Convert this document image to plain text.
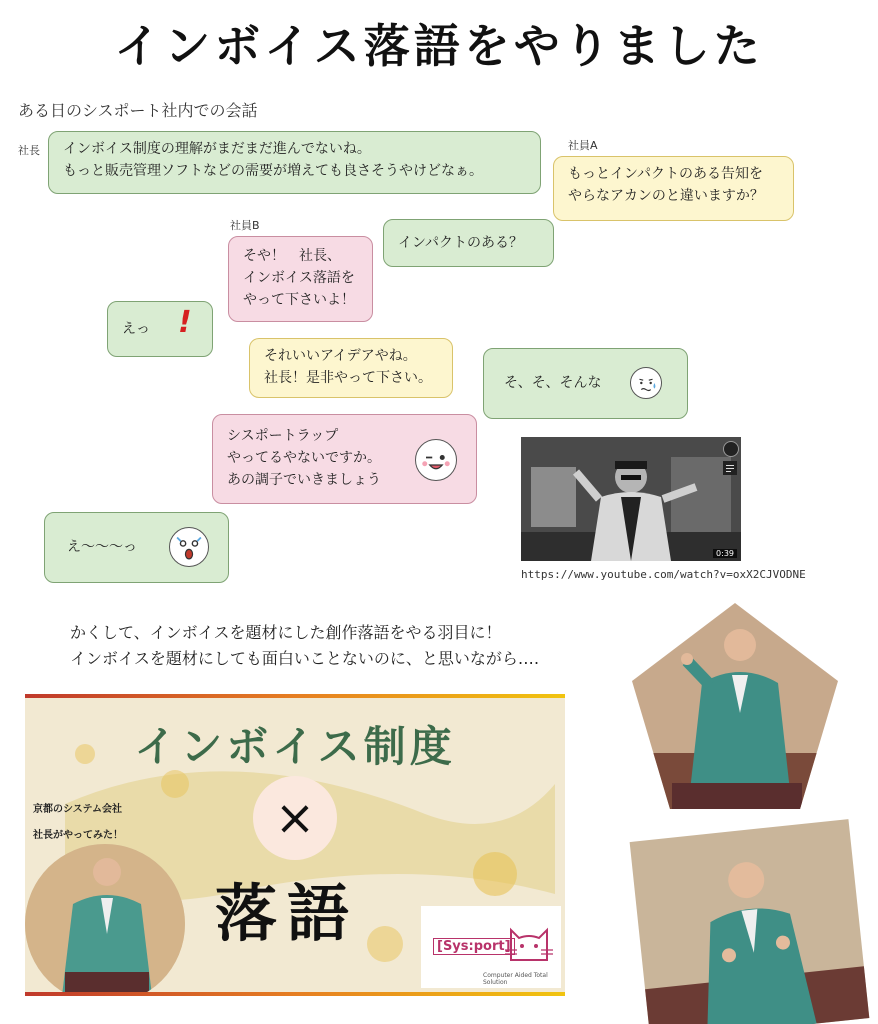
インボイス落語をやりました
ある日のシスポート社内での会話
社長	社員A
社員B
インボイス制度の理解がまだまだ進んでないね。
もっと販売管理ソフトなどの需要が増えても良さそうやけどなぁ。	もっとインパクトのある告知を
やらなアカンのと違いますか？
インパクトのある？
そや！　社長、
インボイス落語を
やって下さいよ！
えっ !
それいいアイデアやね。
社長！是非やって下さい。	そ、そ、そんな
シスポートラップ
やってるやないですか。
あの調子でいきましょう
0:39
https://www.youtube.com/watch?v=oxX2CJVODNE
え〜〜〜っ
かくして、インボイスを題材にした創作落語をやる羽目に！
インボイスを題材にしても面白いことないのに、と思いながら‥‥
インボイス制度
京都のシステム会社
社長がやってみた！	×
落語	[Sys:port]
Computer Aided Total Solution
